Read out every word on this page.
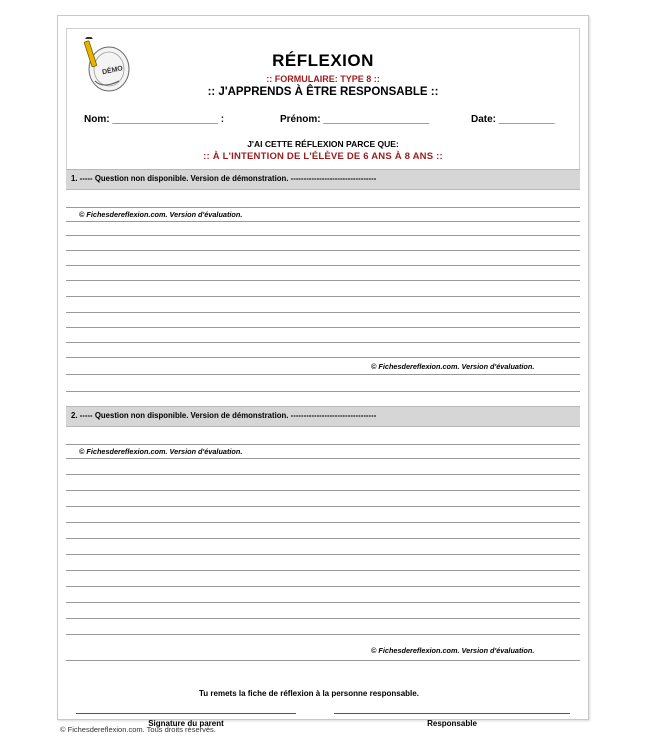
DÉMO
RÉFLEXION
:: FORMULAIRE: TYPE 8 ::
:: J'APPRENDS À ÊTRE RESPONSABLE ::
Nom: ___________________ :	Prénom: ___________________	Date: __________
J'AI CETTE RÉFLEXION PARCE QUE:
:: À L'INTENTION DE L'ÉLÈVE DE 6 ANS À 8 ANS ::
1. ----- Question non disponible. Version de démonstration. ---------------------------------
© Fichesdereflexion.com. Version d'évaluation.
© Fichesdereflexion.com. Version d'évaluation.
2. ----- Question non disponible. Version de démonstration. ---------------------------------
© Fichesdereflexion.com. Version d'évaluation.
© Fichesdereflexion.com. Version d'évaluation.
Tu remets la fiche de réflexion à la personne responsable.
Signature du parent	Responsable
© Fichesdereflexion.com. Tous droits réservés.
